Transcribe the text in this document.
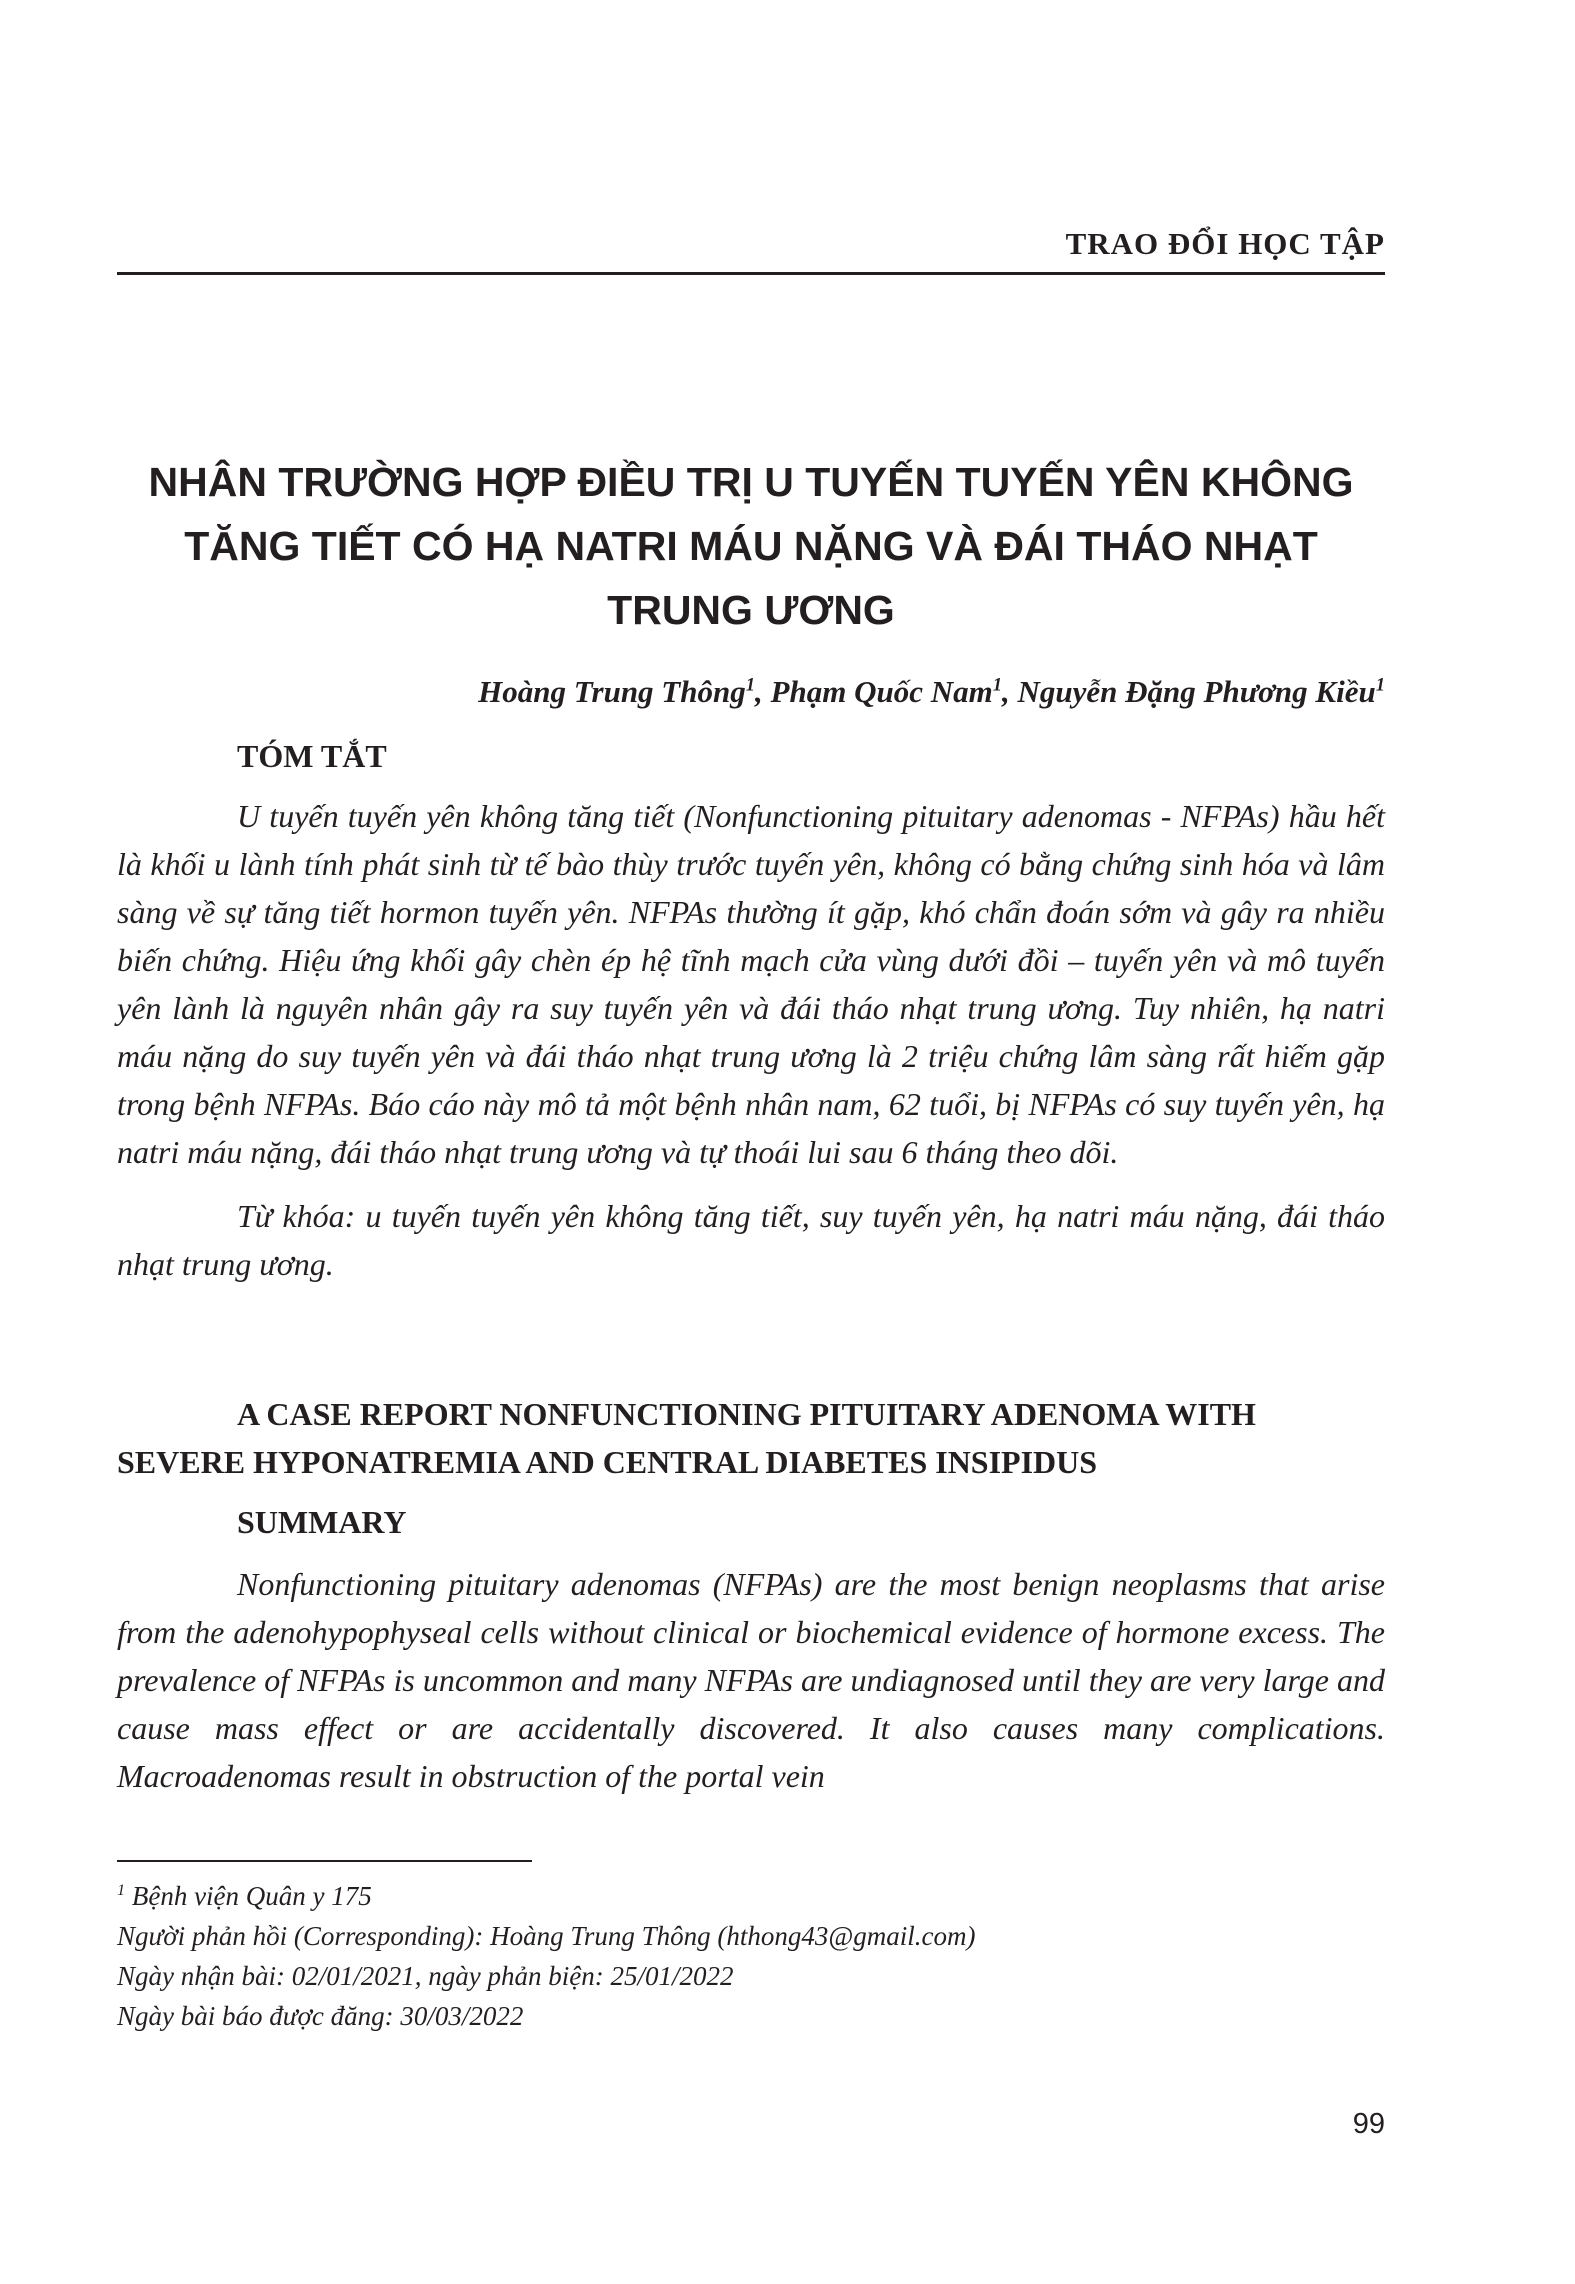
TRAO ĐỔI HỌC TẬP

NHÂN TRƯỜNG HỢP ĐIỀU TRỊ U TUYẾN TUYẾN YÊN KHÔNG
TĂNG TIẾT CÓ HẠ NATRI MÁU NẶNG VÀ ĐÁI THÁO NHẠT
TRUNG ƯƠNG

Hoàng Trung Thông$^1$, Phạm Quốc Nam$^1$, Nguyễn Đặng Phương Kiều$^1$

TÓM TẮT

U tuyến tuyến yên không tăng tiết (Nonfunctioning pituitary adenomas - NFPAs) hầu hết là khối u lành tính phát sinh từ tế bào thùy trước tuyến yên, không có bằng chứng sinh hóa và lâm sàng về sự tăng tiết hormon tuyến yên. NFPAs thường ít gặp, khó chẩn đoán sớm và gây ra nhiều biến chứng. Hiệu ứng khối gây chèn ép hệ tĩnh mạch cửa vùng dưới đồi – tuyến yên và mô tuyến yên lành là nguyên nhân gây ra suy tuyến yên và đái tháo nhạt trung ương. Tuy nhiên, hạ natri máu nặng do suy tuyến yên và đái tháo nhạt trung ương là 2 triệu chứng lâm sàng rất hiếm gặp trong bệnh NFPAs. Báo cáo này mô tả một bệnh nhân nam, 62 tuổi, bị NFPAs có suy tuyến yên, hạ natri máu nặng, đái tháo nhạt trung ương và tự thoái lui sau 6 tháng theo dõi.

Từ khóa: u tuyến tuyến yên không tăng tiết, suy tuyến yên, hạ natri máu nặng, đái tháo nhạt trung ương.

A CASE REPORT NONFUNCTIONING PITUITARY ADENOMA WITH SEVERE HYPONATREMIA AND CENTRAL DIABETES INSIPIDUS
SUMMARY

Nonfunctioning pituitary adenomas (NFPAs) are the most benign neoplasms that arise from the adenohypophyseal cells without clinical or biochemical evidence of hormone excess. The prevalence of NFPAs is uncommon and many NFPAs are undiagnosed until they are very large and cause mass effect or are accidentally discovered. It also causes many complications. Macroadenomas result in obstruction of the portal vein

$^1$ Bệnh viện Quân y 175
Người phản hồi (Corresponding): Hoàng Trung Thông (hthong43@gmail.com)
Ngày nhận bài: 02/01/2021, ngày phản biện: 25/01/2022
Ngày bài báo được đăng: 30/03/2022

99
